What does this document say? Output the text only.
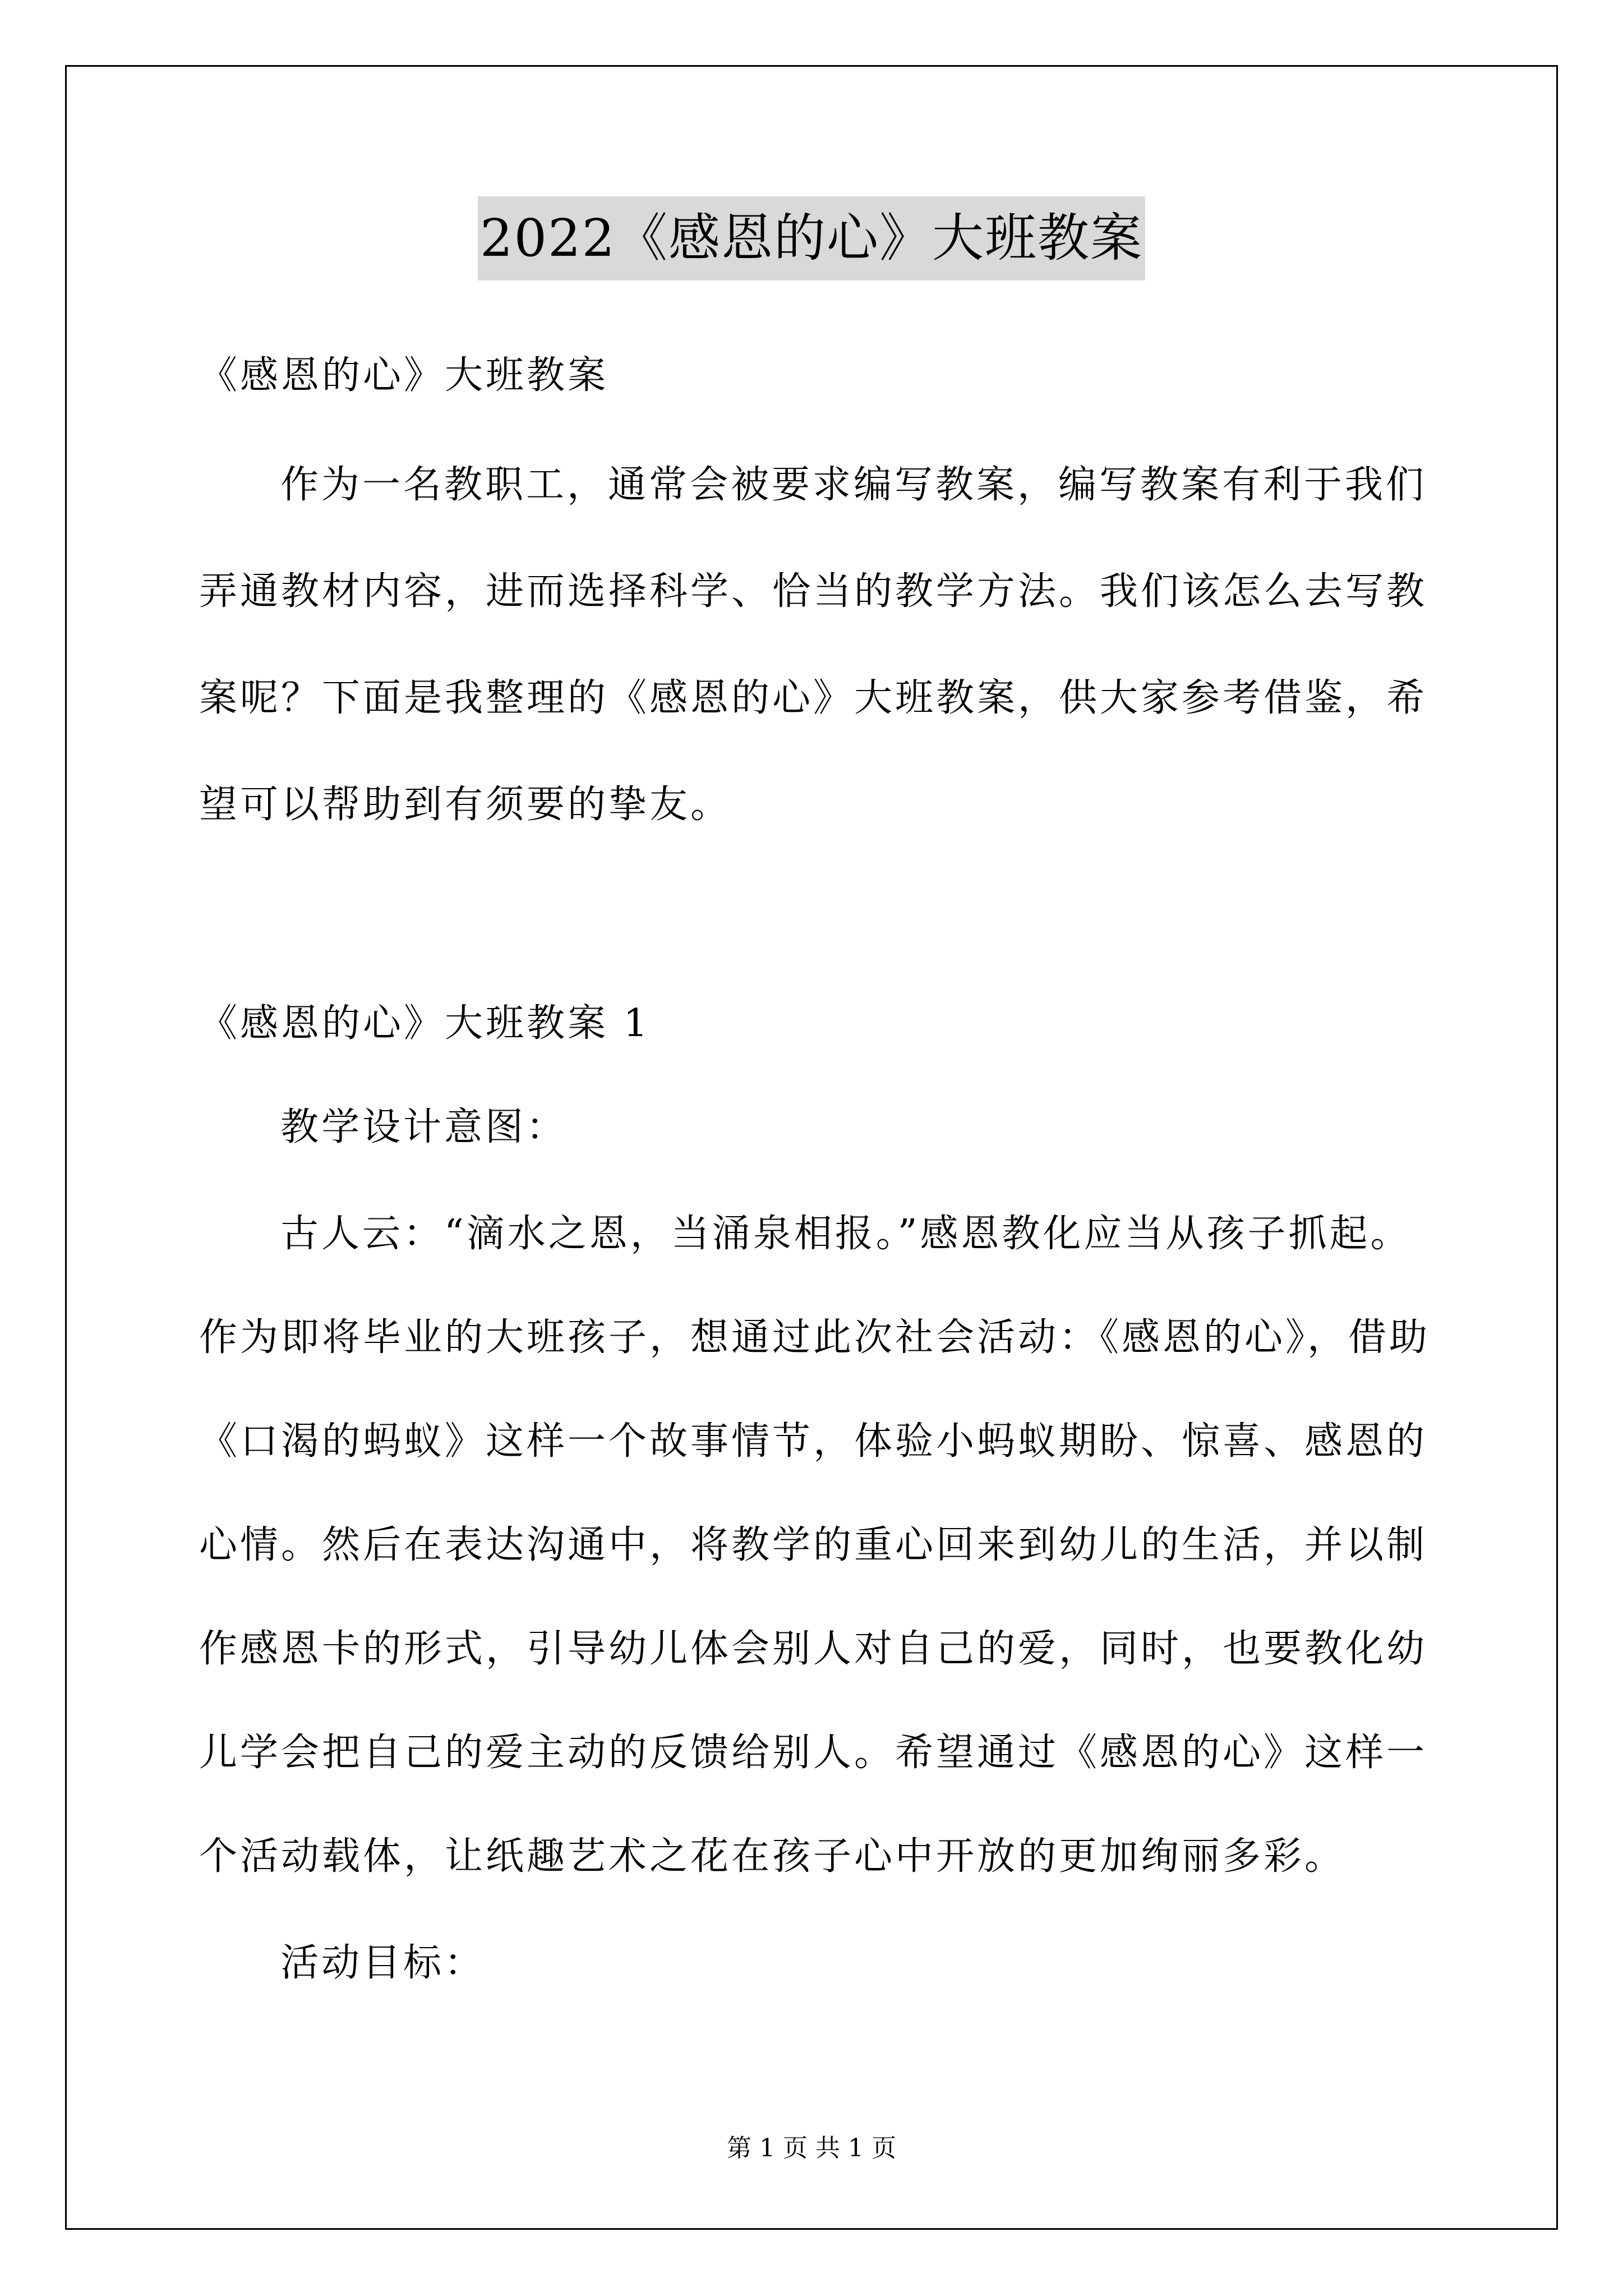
2022《感恩的心》大班教案
《感恩的心》大班教案
作为一名教职工，通常会被要求编写教案，编写教案有利于我们
弄通教材内容，进而选择科学、恰当的教学方法。我们该怎么去写教
案呢？下面是我整理的《感恩的心》大班教案，供大家参考借鉴，希
望可以帮助到有须要的挚友。
《感恩的心》大班教案 1
教学设计意图：
古人云：“滴水之恩，当涌泉相报。”感恩教化应当从孩子抓起。
作为即将毕业的大班孩子，想通过此次社会活动：《感恩的心》，借助
《口渴的蚂蚁》这样一个故事情节，体验小蚂蚁期盼、惊喜、感恩的
心情。然后在表达沟通中，将教学的重心回来到幼儿的生活，并以制
作感恩卡的形式，引导幼儿体会别人对自己的爱，同时，也要教化幼
儿学会把自己的爱主动的反馈给别人。希望通过《感恩的心》这样一
个活动载体，让纸趣艺术之花在孩子心中开放的更加绚丽多彩。
活动目标：
第 1 页 共 1 页
